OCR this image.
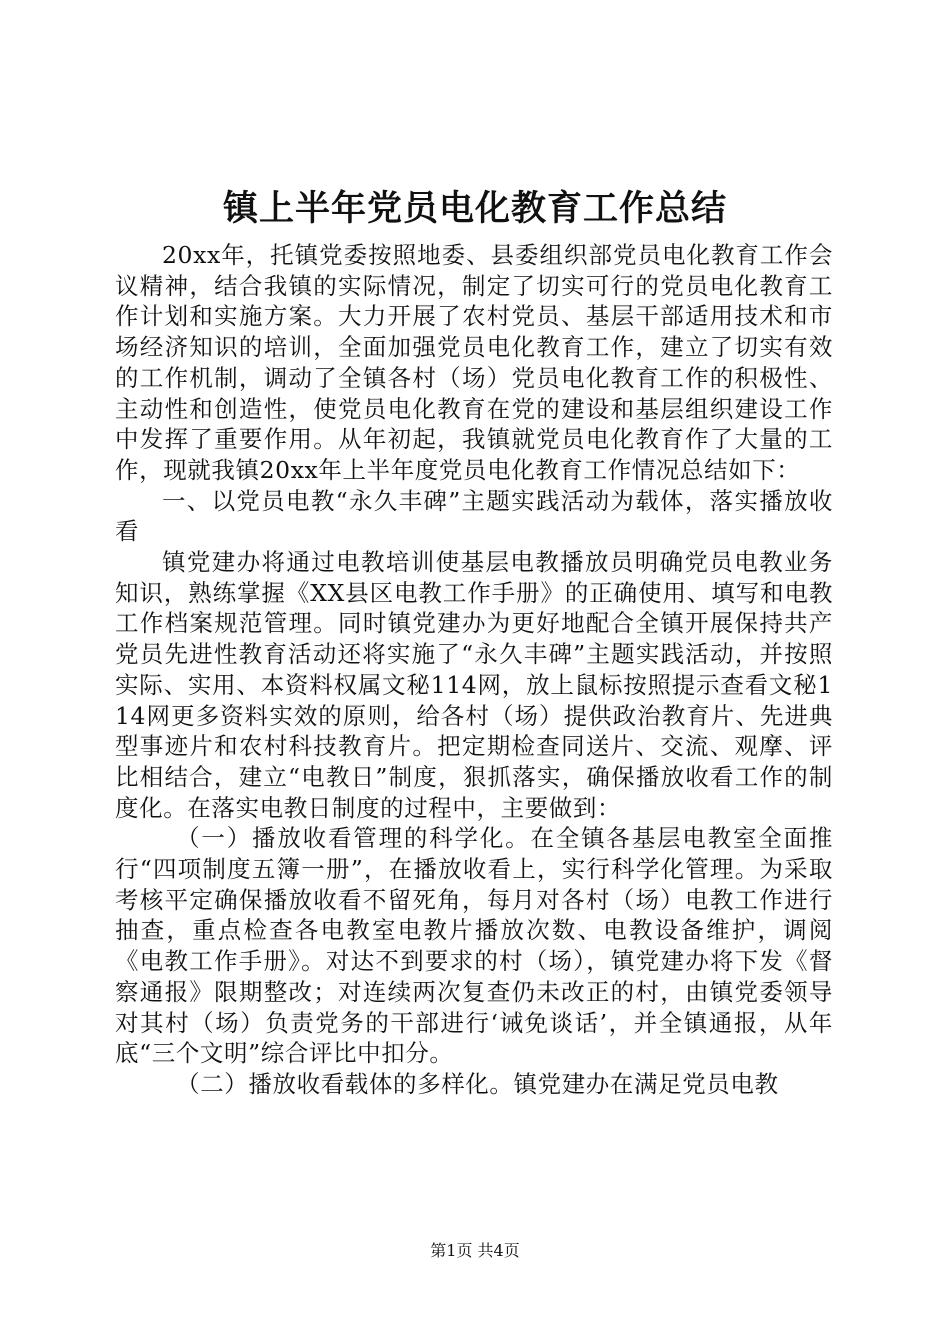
镇上半年党员电化教育工作总结

20xx年，托镇党委按照地委、县委组织部党员电化教育工作会议精神，结合我镇的实际情况，制定了切实可行的党员电化教育工作计划和实施方案。大力开展了农村党员、基层干部适用技术和市场经济知识的培训，全面加强党员电化教育工作，建立了切实有效的工作机制，调动了全镇各村（场）党员电化教育工作的积极性、主动性和创造性，使党员电化教育在党的建设和基层组织建设工作中发挥了重要作用。从年初起，我镇就党员电化教育作了大量的工作，现就我镇20xx年上半年度党员电化教育工作情况总结如下：

一、以党员电教“永久丰碑”主题实践活动为载体，落实播放收看

镇党建办将通过电教培训使基层电教播放员明确党员电教业务知识，熟练掌握《XX县区电教工作手册》的正确使用、填写和电教工作档案规范管理。同时镇党建办为更好地配合全镇开展保持共产党员先进性教育活动还将实施了“永久丰碑”主题实践活动，并按照实际、实用、本资料权属文秘114网，放上鼠标按照提示查看文秘114网更多资料实效的原则，给各村（场）提供政治教育片、先进典型事迹片和农村科技教育片。把定期检查同送片、交流、观摩、评比相结合，建立“电教日”制度，狠抓落实，确保播放收看工作的制度化。在落实电教日制度的过程中，主要做到：

（一）播放收看管理的科学化。在全镇各基层电教室全面推行“四项制度五簿一册”，在播放收看上，实行科学化管理。为采取考核平定确保播放收看不留死角，每月对各村（场）电教工作进行抽查，重点检查各电教室电教片播放次数、电教设备维护，调阅《电教工作手册》。对达不到要求的村（场），镇党建办将下发《督察通报》限期整改；对连续两次复查仍未改正的村，由镇党委领导对其村（场）负责党务的干部进行‘诫免谈话’，并全镇通报，从年底“三个文明”综合评比中扣分。

（二）播放收看载体的多样化。镇党建办在满足党员电教

第1页 共4页
